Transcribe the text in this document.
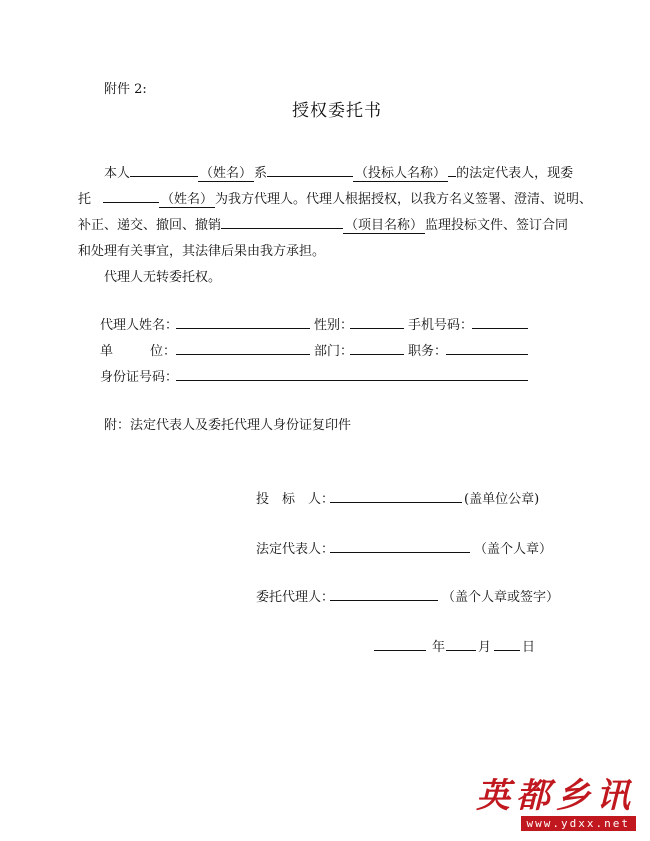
附件 2:
授权委托书
本人	（姓名） 系	（投标人名称） 的法定代表人，现委
托	（姓名） 为我方代理人。代理人根据授权，以我方名义签署、澄清、说明、
补正、递交、撤回、撤销	（项目名称） 监理投标文件、签订合同
和处理有关事宜，其法律后果由我方承担。
代理人无转委托权。
代理人姓名：	性别：	手机号码：
单	位：	部门：	职务：
身份证号码：
附：法定代表人及委托代理人身份证复印件
投 标 人：	(盖单位公章)
法定代表人：	（盖个人章）
委托代理人：	（盖个人章或签字）
年	月 日
英都乡讯
www.ydxx.net
